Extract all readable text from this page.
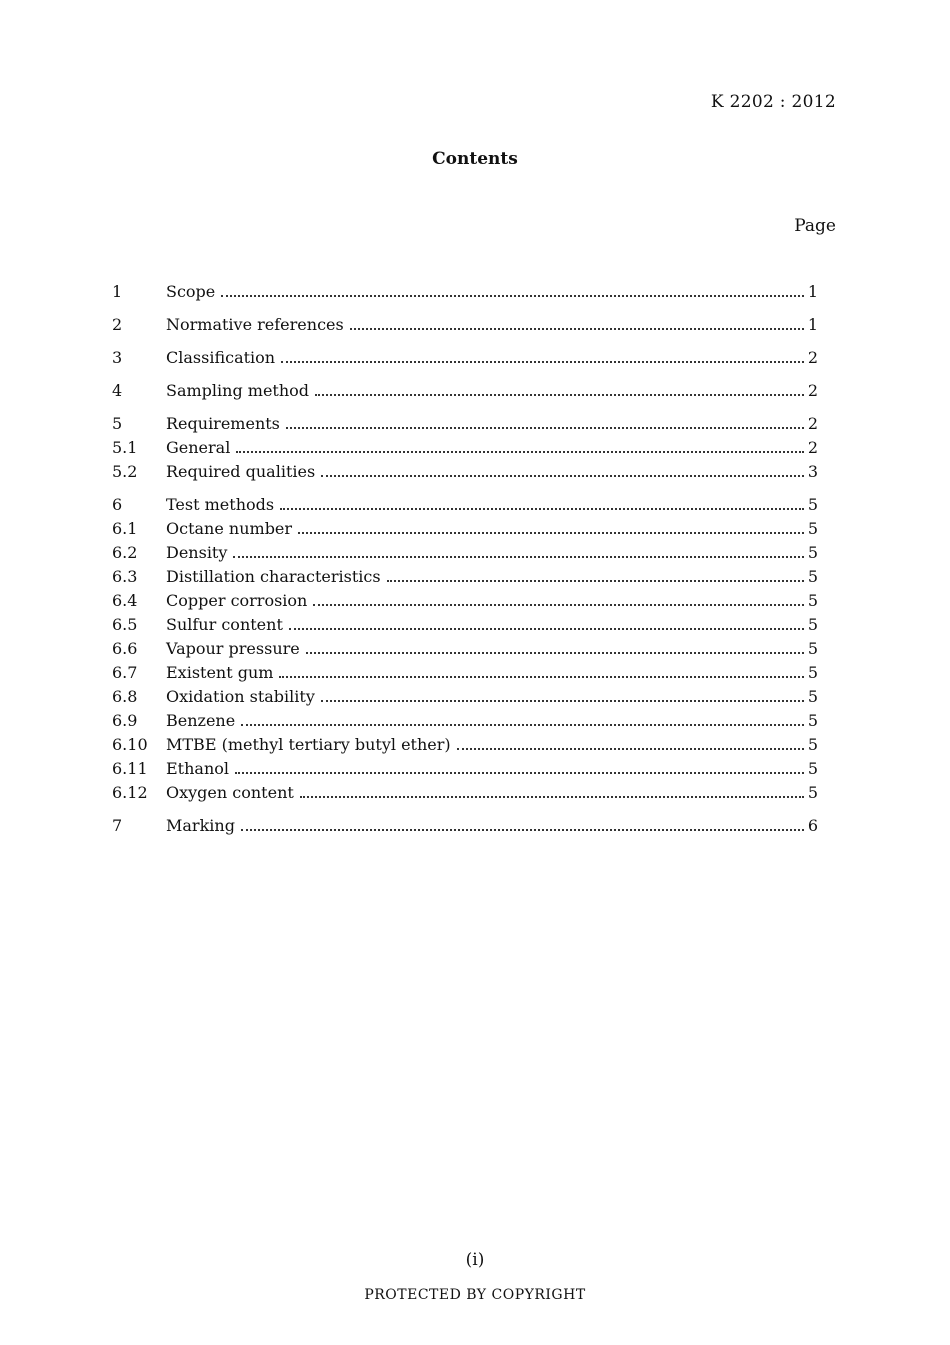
K 2202 : 2012
Contents
Page
1	Scope	1
2	Normative references	1
3	Classification	2
4	Sampling method	2
5	Requirements	2
5.1	General	2
5.2	Required qualities	3
6	Test methods	5
6.1	Octane number	5
6.2	Density	5
6.3	Distillation characteristics	5
6.4	Copper corrosion	5
6.5	Sulfur content	5
6.6	Vapour pressure	5
6.7	Existent gum	5
6.8	Oxidation stability	5
6.9	Benzene	5
6.10	MTBE (methyl tertiary butyl ether)	5
6.11	Ethanol	5
6.12	Oxygen content	5
7	Marking	6
(i)
PROTECTED BY COPYRIGHT
